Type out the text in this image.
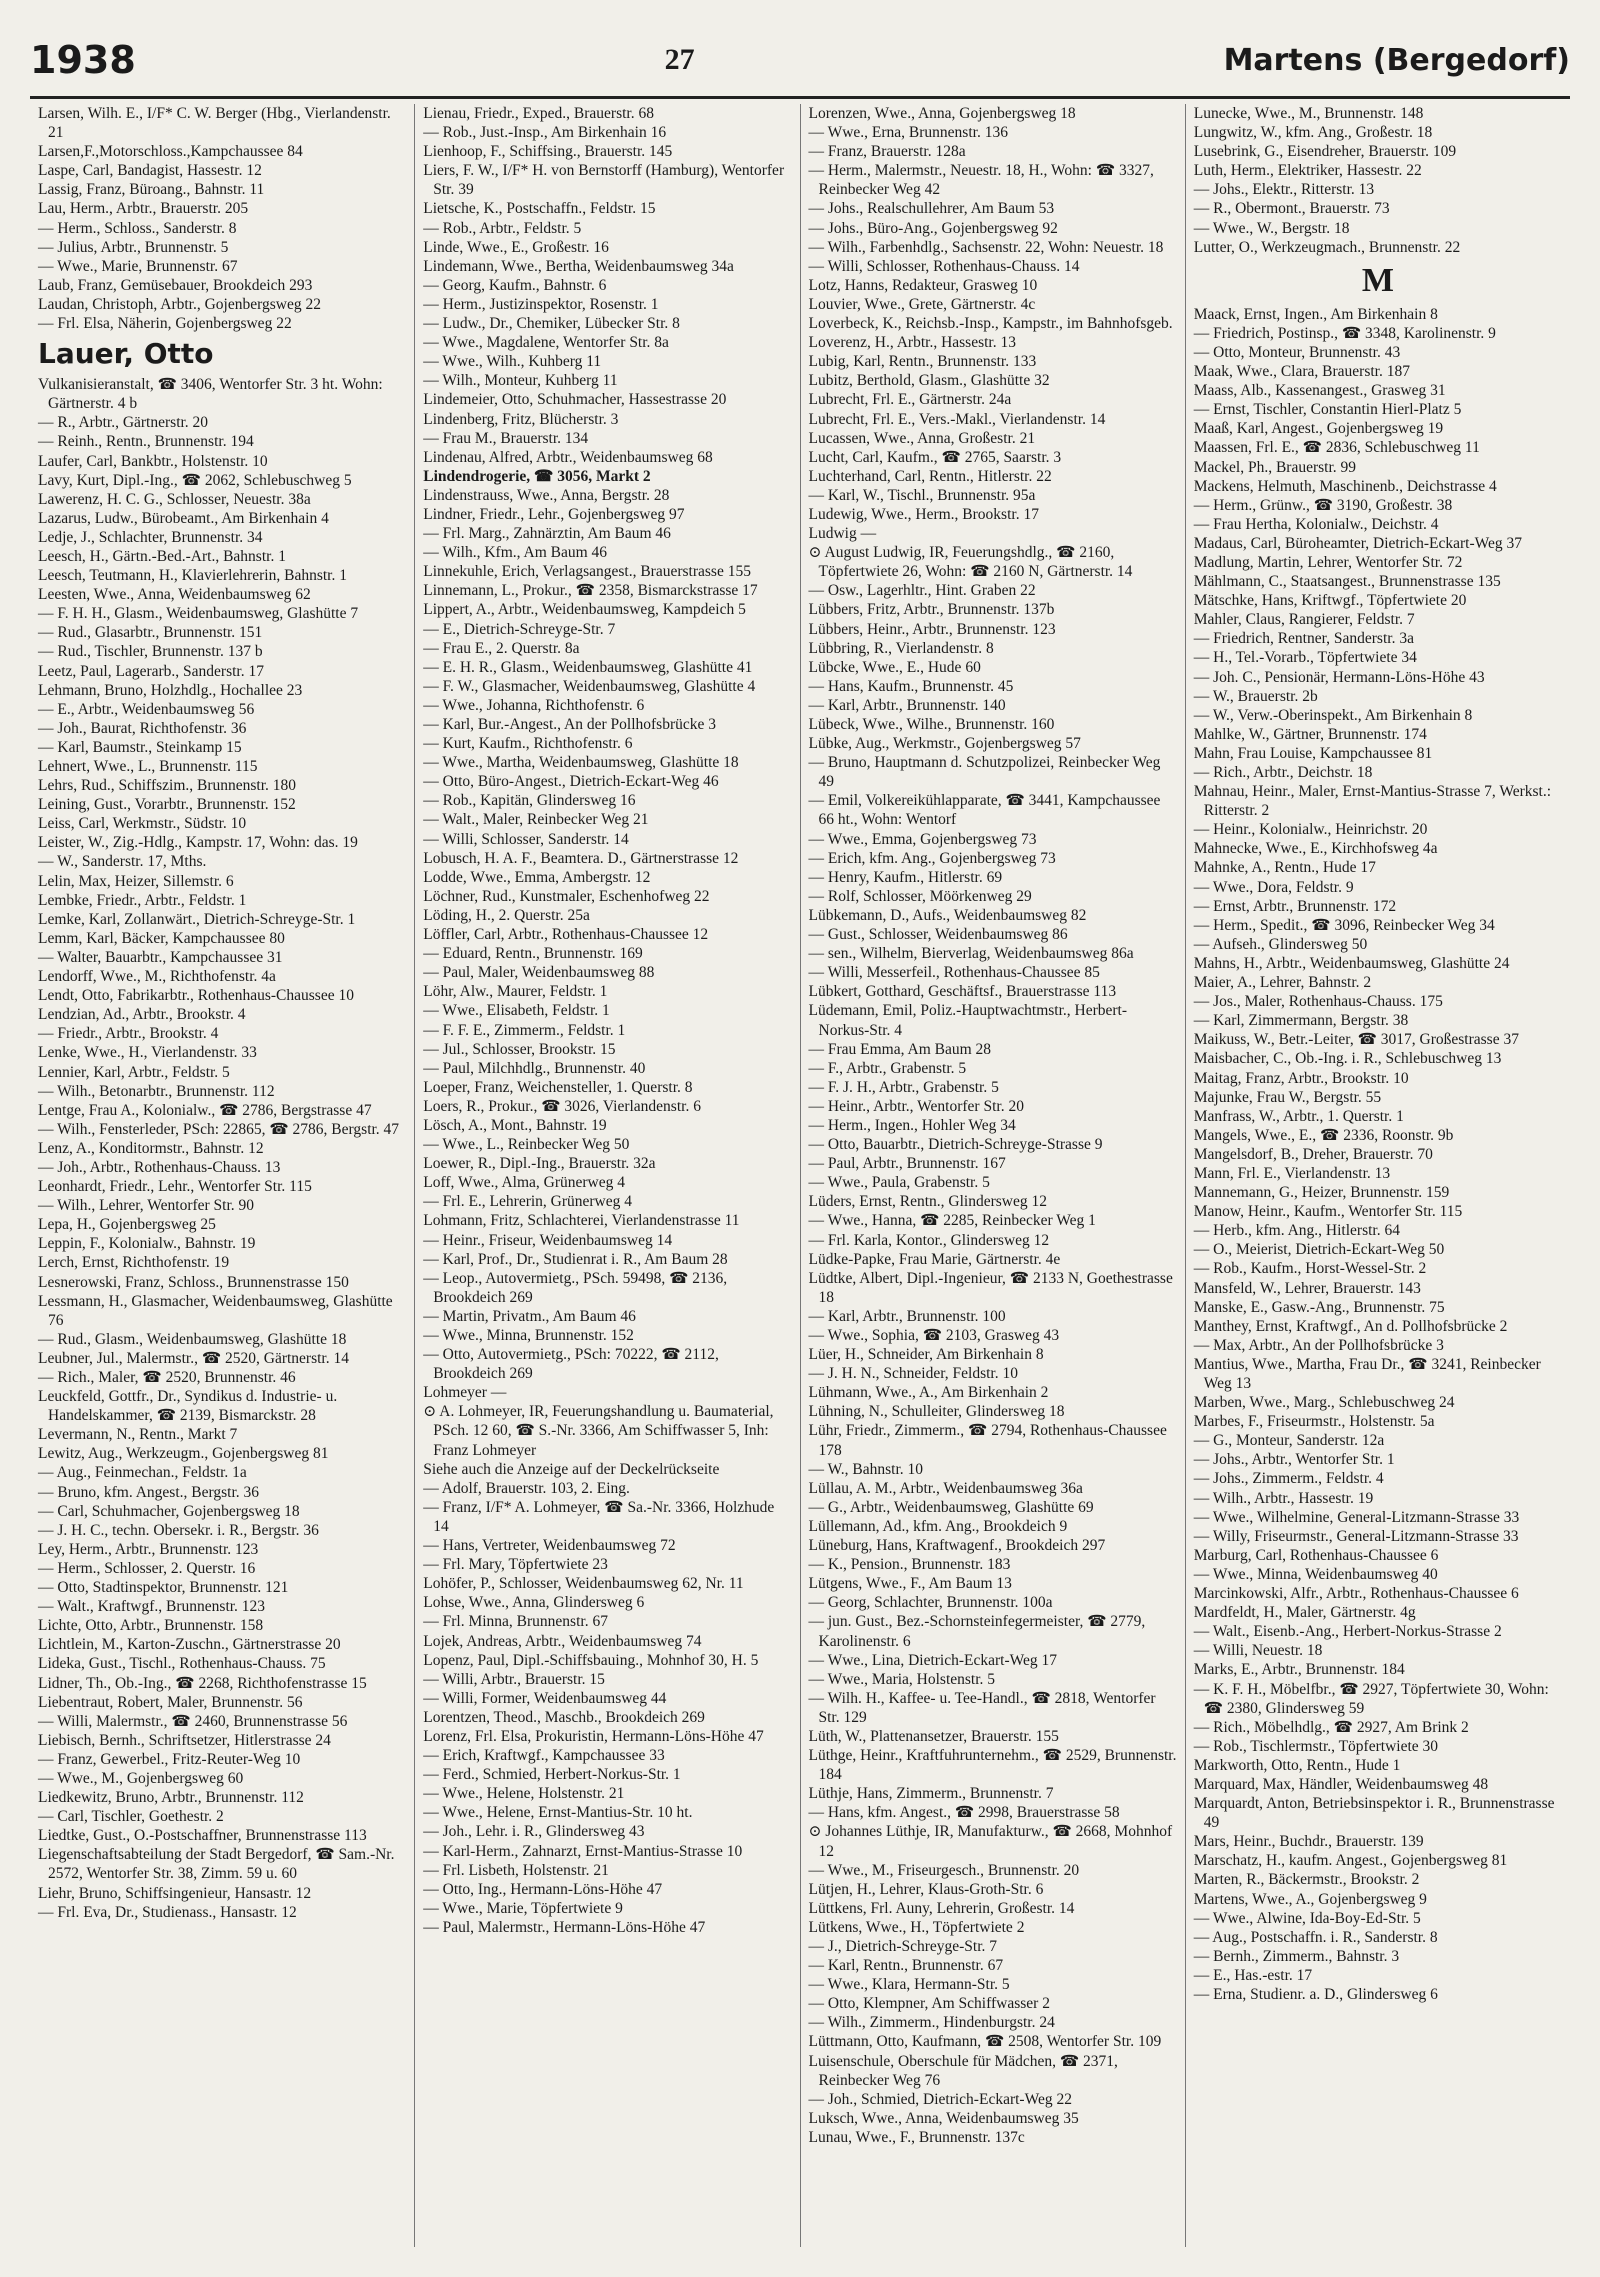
1938	27	Martens (Bergedorf)
Larsen, Wilh. E., I/F* C. W. Berger (Hbg., Vierlandenstr. 21
Larsen,F.,Motorschloss.,Kampchaussee 84
Laspe, Carl, Bandagist, Hassestr. 12
Lassig, Franz, Büroang., Bahnstr. 11
Lau, Herm., Arbtr., Brauerstr. 205
— Herm., Schloss., Sanderstr. 8
— Julius, Arbtr., Brunnenstr. 5
— Wwe., Marie, Brunnenstr. 67
Laub, Franz, Gemüsebauer, Brookdeich 293
Laudan, Christoph, Arbtr., Gojenbergsweg 22
— Frl. Elsa, Näherin, Gojenbergsweg 22
Lauer, Otto
Vulkanisieranstalt, ☎ 3406, Wentorfer Str. 3 ht. Wohn: Gärtnerstr. 4 b
— R., Arbtr., Gärtnerstr. 20
— Reinh., Rentn., Brunnenstr. 194
Laufer, Carl, Bankbtr., Holstenstr. 10
Lavy, Kurt, Dipl.-Ing., ☎ 2062, Schlebuschweg 5
Lawerenz, H. C. G., Schlosser, Neuestr. 38a
Lazarus, Ludw., Bürobeamt., Am Birkenhain 4
Ledje, J., Schlachter, Brunnenstr. 34
Leesch, H., Gärtn.-Bed.-Art., Bahnstr. 1
Leesch, Teutmann, H., Klavierlehrerin, Bahnstr. 1
Leesten, Wwe., Anna, Weidenbaumsweg 62
— F. H. H., Glasm., Weidenbaumsweg, Glashütte 7
— Rud., Glasarbtr., Brunnenstr. 151
— Rud., Tischler, Brunnenstr. 137 b
Leetz, Paul, Lagerarb., Sanderstr. 17
Lehmann, Bruno, Holzhdlg., Hochallee 23
— E., Arbtr., Weidenbaumsweg 56
— Joh., Baurat, Richthofenstr. 36
— Karl, Baumstr., Steinkamp 15
Lehnert, Wwe., L., Brunnenstr. 115
Lehrs, Rud., Schiffszim., Brunnenstr. 180
Leining, Gust., Vorarbtr., Brunnenstr. 152
Leiss, Carl, Werkmstr., Südstr. 10
Leister, W., Zig.-Hdlg., Kampstr. 17, Wohn: das. 19
— W., Sanderstr. 17, Mths.
Lelin, Max, Heizer, Sillemstr. 6
Lembke, Friedr., Arbtr., Feldstr. 1
Lemke, Karl, Zollanwärt., Dietrich-Schreyge-Str. 1
Lemm, Karl, Bäcker, Kampchaussee 80
— Walter, Bauarbtr., Kampchaussee 31
Lendorff, Wwe., M., Richthofenstr. 4a
Lendt, Otto, Fabrikarbtr., Rothenhaus-Chaussee 10
Lendzian, Ad., Arbtr., Brookstr. 4
— Friedr., Arbtr., Brookstr. 4
Lenke, Wwe., H., Vierlandenstr. 33
Lennier, Karl, Arbtr., Feldstr. 5
— Wilh., Betonarbtr., Brunnenstr. 112
Lentge, Frau A., Kolonialw., ☎ 2786, Bergstrasse 47
— Wilh., Fensterleder, PSch: 22865, ☎ 2786, Bergstr. 47
Lenz, A., Konditormstr., Bahnstr. 12
— Joh., Arbtr., Rothenhaus-Chauss. 13
Leonhardt, Friedr., Lehr., Wentorfer Str. 115
— Wilh., Lehrer, Wentorfer Str. 90
Lepa, H., Gojenbergsweg 25
Leppin, F., Kolonialw., Bahnstr. 19
Lerch, Ernst, Richthofenstr. 19
Lesnerowski, Franz, Schloss., Brunnenstrasse 150
Lessmann, H., Glasmacher, Weidenbaumsweg, Glashütte 76
— Rud., Glasm., Weidenbaumsweg, Glashütte 18
Leubner, Jul., Malermstr., ☎ 2520, Gärtnerstr. 14
— Rich., Maler, ☎ 2520, Brunnenstr. 46
Leuckfeld, Gottfr., Dr., Syndikus d. Industrie- u. Handelskammer, ☎ 2139, Bismarckstr. 28
Levermann, N., Rentn., Markt 7
Lewitz, Aug., Werkzeugm., Gojenbergsweg 81
— Aug., Feinmechan., Feldstr. 1a
— Bruno, kfm. Angest., Bergstr. 36
— Carl, Schuhmacher, Gojenbergsweg 18
— J. H. C., techn. Obersekr. i. R., Bergstr. 36
Ley, Herm., Arbtr., Brunnenstr. 123
— Herm., Schlosser, 2. Querstr. 16
— Otto, Stadtinspektor, Brunnenstr. 121
— Walt., Kraftwgf., Brunnenstr. 123
Lichte, Otto, Arbtr., Brunnenstr. 158
Lichtlein, M., Karton-Zuschn., Gärtnerstrasse 20
Lideka, Gust., Tischl., Rothenhaus-Chauss. 75
Lidner, Th., Ob.-Ing., ☎ 2268, Richthofenstrasse 15
Liebentraut, Robert, Maler, Brunnenstr. 56
— Willi, Malermstr., ☎ 2460, Brunnenstrasse 56
Liebisch, Bernh., Schriftsetzer, Hitlerstrasse 24
— Franz, Gewerbel., Fritz-Reuter-Weg 10
— Wwe., M., Gojenbergsweg 60
Liedkewitz, Bruno, Arbtr., Brunnenstr. 112
— Carl, Tischler, Goethestr. 2
Liedtke, Gust., O.-Postschaffner, Brunnenstrasse 113
Liegenschaftsabteilung der Stadt Bergedorf, ☎ Sam.-Nr. 2572, Wentorfer Str. 38, Zimm. 59 u. 60
Liehr, Bruno, Schiffsingenieur, Hansastr. 12
— Frl. Eva, Dr., Studienass., Hansastr. 12
Lienau, Friedr., Exped., Brauerstr. 68
— Rob., Just.-Insp., Am Birkenhain 16
Lienhoop, F., Schiffsing., Brauerstr. 145
Liers, F. W., I/F* H. von Bernstorff (Hamburg), Wentorfer Str. 39
Lietsche, K., Postschaffn., Feldstr. 15
— Rob., Arbtr., Feldstr. 5
Linde, Wwe., E., Großestr. 16
Lindemann, Wwe., Bertha, Weidenbaumsweg 34a
— Georg, Kaufm., Bahnstr. 6
— Herm., Justizinspektor, Rosenstr. 1
— Ludw., Dr., Chemiker, Lübecker Str. 8
— Wwe., Magdalene, Wentorfer Str. 8a
— Wwe., Wilh., Kuhberg 11
— Wilh., Monteur, Kuhberg 11
Lindemeier, Otto, Schuhmacher, Hassestrasse 20
Lindenberg, Fritz, Blücherstr. 3
— Frau M., Brauerstr. 134
Lindenau, Alfred, Arbtr., Weidenbaumsweg 68
Lindendrogerie, ☎ 3056, Markt 2
Lindenstrauss, Wwe., Anna, Bergstr. 28
Lindner, Friedr., Lehr., Gojenbergsweg 97
— Frl. Marg., Zahnärztin, Am Baum 46
— Wilh., Kfm., Am Baum 46
Linnekuhle, Erich, Verlagsangest., Brauerstrasse 155
Linnemann, L., Prokur., ☎ 2358, Bismarckstrasse 17
Lippert, A., Arbtr., Weidenbaumsweg, Kampdeich 5
— E., Dietrich-Schreyge-Str. 7
— Frau E., 2. Querstr. 8a
— E. H. R., Glasm., Weidenbaumsweg, Glashütte 41
— F. W., Glasmacher, Weidenbaumsweg, Glashütte 4
— Wwe., Johanna, Richthofenstr. 6
— Karl, Bur.-Angest., An der Pollhofsbrücke 3
— Kurt, Kaufm., Richthofenstr. 6
— Wwe., Martha, Weidenbaumsweg, Glashütte 18
— Otto, Büro-Angest., Dietrich-Eckart-Weg 46
— Rob., Kapitän, Glindersweg 16
— Walt., Maler, Reinbecker Weg 21
— Willi, Schlosser, Sanderstr. 14
Lobusch, H. A. F., Beamtera. D., Gärtnerstrasse 12
Lodde, Wwe., Emma, Ambergstr. 12
Löchner, Rud., Kunstmaler, Eschenhofweg 22
Löding, H., 2. Querstr. 25a
Löffler, Carl, Arbtr., Rothenhaus-Chaussee 12
— Eduard, Rentn., Brunnenstr. 169
— Paul, Maler, Weidenbaumsweg 88
Löhr, Alw., Maurer, Feldstr. 1
— Wwe., Elisabeth, Feldstr. 1
— F. F. E., Zimmerm., Feldstr. 1
— Jul., Schlosser, Brookstr. 15
— Paul, Milchhdlg., Brunnenstr. 40
Loeper, Franz, Weichensteller, 1. Querstr. 8
Loers, R., Prokur., ☎ 3026, Vierlandenstr. 6
Lösch, A., Mont., Bahnstr. 19
— Wwe., L., Reinbecker Weg 50
Loewer, R., Dipl.-Ing., Brauerstr. 32a
Loff, Wwe., Alma, Grünerweg 4
— Frl. E., Lehrerin, Grünerweg 4
Lohmann, Fritz, Schlachterei, Vierlandenstrasse 11
— Heinr., Friseur, Weidenbaumsweg 14
— Karl, Prof., Dr., Studienrat i. R., Am Baum 28
— Leop., Autovermietg., PSch. 59498, ☎ 2136, Brookdeich 269
— Martin, Privatm., Am Baum 46
— Wwe., Minna, Brunnenstr. 152
— Otto, Autovermietg., PSch: 70222, ☎ 2112, Brookdeich 269
Lohmeyer —
⊙ A. Lohmeyer, IR, Feuerungshandlung u. Baumaterial, PSch. 12 60, ☎ S.-Nr. 3366, Am Schiffwasser 5, Inh: Franz Lohmeyer
Siehe auch die Anzeige auf der Deckelrückseite
— Adolf, Brauerstr. 103, 2. Eing.
— Franz, I/F* A. Lohmeyer, ☎ Sa.-Nr. 3366, Holzhude 14
— Hans, Vertreter, Weidenbaumsweg 72
— Frl. Mary, Töpfertwiete 23
Lohöfer, P., Schlosser, Weidenbaumsweg 62, Nr. 11
Lohse, Wwe., Anna, Glindersweg 6
— Frl. Minna, Brunnenstr. 67
Lojek, Andreas, Arbtr., Weidenbaumsweg 74
Lopenz, Paul, Dipl.-Schiffsbauing., Mohnhof 30, H. 5
— Willi, Arbtr., Brauerstr. 15
— Willi, Former, Weidenbaumsweg 44
Lorentzen, Theod., Maschb., Brookdeich 269
Lorenz, Frl. Elsa, Prokuristin, Hermann-Löns-Höhe 47
— Erich, Kraftwgf., Kampchaussee 33
— Ferd., Schmied, Herbert-Norkus-Str. 1
— Wwe., Helene, Holstenstr. 21
— Wwe., Helene, Ernst-Mantius-Str. 10 ht.
— Joh., Lehr. i. R., Glindersweg 43
— Karl-Herm., Zahnarzt, Ernst-Mantius-Strasse 10
— Frl. Lisbeth, Holstenstr. 21
— Otto, Ing., Hermann-Löns-Höhe 47
— Wwe., Marie, Töpfertwiete 9
— Paul, Malermstr., Hermann-Löns-Höhe 47
Lorenzen, Wwe., Anna, Gojenbergsweg 18
— Wwe., Erna, Brunnenstr. 136
— Franz, Brauerstr. 128a
— Herm., Malermstr., Neuestr. 18, H., Wohn: ☎ 3327, Reinbecker Weg 42
— Johs., Realschullehrer, Am Baum 53
— Johs., Büro-Ang., Gojenbergsweg 92
— Wilh., Farbenhdlg., Sachsenstr. 22, Wohn: Neuestr. 18
— Willi, Schlosser, Rothenhaus-Chauss. 14
Lotz, Hanns, Redakteur, Grasweg 10
Louvier, Wwe., Grete, Gärtnerstr. 4c
Loverbeck, K., Reichsb.-Insp., Kampstr., im Bahnhofsgeb.
Loverenz, H., Arbtr., Hassestr. 13
Lubig, Karl, Rentn., Brunnenstr. 133
Lubitz, Berthold, Glasm., Glashütte 32
Lubrecht, Frl. E., Gärtnerstr. 24a
Lubrecht, Frl. E., Vers.-Makl., Vierlandenstr. 14
Lucassen, Wwe., Anna, Großestr. 21
Lucht, Carl, Kaufm., ☎ 2765, Saarstr. 3
Luchterhand, Carl, Rentn., Hitlerstr. 22
— Karl, W., Tischl., Brunnenstr. 95a
Ludewig, Wwe., Herm., Brookstr. 17
Ludwig —
⊙ August Ludwig, IR, Feuerungshdlg., ☎ 2160, Töpfertwiete 26, Wohn: ☎ 2160 N, Gärtnerstr. 14
— Osw., Lagerhltr., Hint. Graben 22
Lübbers, Fritz, Arbtr., Brunnenstr. 137b
Lübbers, Heinr., Arbtr., Brunnenstr. 123
Lübbring, R., Vierlandenstr. 8
Lübcke, Wwe., E., Hude 60
— Hans, Kaufm., Brunnenstr. 45
— Karl, Arbtr., Brunnenstr. 140
Lübeck, Wwe., Wilhe., Brunnenstr. 160
Lübke, Aug., Werkmstr., Gojenbergsweg 57
— Bruno, Hauptmann d. Schutzpolizei, Reinbecker Weg 49
— Emil, Volkereikühlapparate, ☎ 3441, Kampchaussee 66 ht., Wohn: Wentorf
— Wwe., Emma, Gojenbergsweg 73
— Erich, kfm. Ang., Gojenbergsweg 73
— Henry, Kaufm., Hitlerstr. 69
— Rolf, Schlosser, Möörkenweg 29
Lübkemann, D., Aufs., Weidenbaumsweg 82
— Gust., Schlosser, Weidenbaumsweg 86
— sen., Wilhelm, Bierverlag, Weidenbaumsweg 86a
— Willi, Messerfeil., Rothenhaus-Chaussee 85
Lübkert, Gotthard, Geschäftsf., Brauerstrasse 113
Lüdemann, Emil, Poliz.-Hauptwachtmstr., Herbert-Norkus-Str. 4
— Frau Emma, Am Baum 28
— F., Arbtr., Grabenstr. 5
— F. J. H., Arbtr., Grabenstr. 5
— Heinr., Arbtr., Wentorfer Str. 20
— Herm., Ingen., Hohler Weg 34
— Otto, Bauarbtr., Dietrich-Schreyge-Strasse 9
— Paul, Arbtr., Brunnenstr. 167
— Wwe., Paula, Grabenstr. 5
Lüders, Ernst, Rentn., Glindersweg 12
— Wwe., Hanna, ☎ 2285, Reinbecker Weg 1
— Frl. Karla, Kontor., Glindersweg 12
Lüdke-Papke, Frau Marie, Gärtnerstr. 4e
Lüdtke, Albert, Dipl.-Ingenieur, ☎ 2133 N, Goethestrasse 18
— Karl, Arbtr., Brunnenstr. 100
— Wwe., Sophia, ☎ 2103, Grasweg 43
Lüer, H., Schneider, Am Birkenhain 8
— J. H. N., Schneider, Feldstr. 10
Lühmann, Wwe., A., Am Birkenhain 2
Lühning, N., Schulleiter, Glindersweg 18
Lühr, Friedr., Zimmerm., ☎ 2794, Rothenhaus-Chaussee 178
— W., Bahnstr. 10
Lüllau, A. M., Arbtr., Weidenbaumsweg 36a
— G., Arbtr., Weidenbaumsweg, Glashütte 69
Lüllemann, Ad., kfm. Ang., Brookdeich 9
Lüneburg, Hans, Kraftwagenf., Brookdeich 297
— K., Pension., Brunnenstr. 183
Lütgens, Wwe., F., Am Baum 13
— Georg, Schlachter, Brunnenstr. 100a
— jun. Gust., Bez.-Schornsteinfegermeister, ☎ 2779, Karolinenstr. 6
— Wwe., Lina, Dietrich-Eckart-Weg 17
— Wwe., Maria, Holstenstr. 5
— Wilh. H., Kaffee- u. Tee-Handl., ☎ 2818, Wentorfer Str. 129
Lüth, W., Plattenansetzer, Brauerstr. 155
Lüthge, Heinr., Kraftfuhrunternehm., ☎ 2529, Brunnenstr. 184
Lüthje, Hans, Zimmerm., Brunnenstr. 7
— Hans, kfm. Angest., ☎ 2998, Brauerstrasse 58
⊙ Johannes Lüthje, IR, Manufakturw., ☎ 2668, Mohnhof 12
— Wwe., M., Friseurgesch., Brunnenstr. 20
Lütjen, H., Lehrer, Klaus-Groth-Str. 6
Lüttkens, Frl. Auny, Lehrerin, Großestr. 14
Lütkens, Wwe., H., Töpfertwiete 2
— J., Dietrich-Schreyge-Str. 7
— Karl, Rentn., Brunnenstr. 67
— Wwe., Klara, Hermann-Str. 5
— Otto, Klempner, Am Schiffwasser 2
— Wilh., Zimmerm., Hindenburgstr. 24
Lüttmann, Otto, Kaufmann, ☎ 2508, Wentorfer Str. 109
Luisenschule, Oberschule für Mädchen, ☎ 2371, Reinbecker Weg 76
— Joh., Schmied, Dietrich-Eckart-Weg 22
Luksch, Wwe., Anna, Weidenbaumsweg 35
Lunau, Wwe., F., Brunnenstr. 137c
Lunecke, Wwe., M., Brunnenstr. 148
Lungwitz, W., kfm. Ang., Großestr. 18
Lusebrink, G., Eisendreher, Brauerstr. 109
Luth, Herm., Elektriker, Hassestr. 22
— Johs., Elektr., Ritterstr. 13
— R., Obermont., Brauerstr. 73
— Wwe., W., Bergstr. 18
Lutter, O., Werkzeugmach., Brunnenstr. 22
M
Maack, Ernst, Ingen., Am Birkenhain 8
— Friedrich, Postinsp., ☎ 3348, Karolinenstr. 9
— Otto, Monteur, Brunnenstr. 43
Maak, Wwe., Clara, Brauerstr. 187
Maass, Alb., Kassenangest., Grasweg 31
— Ernst, Tischler, Constantin Hierl-Platz 5
Maaß, Karl, Angest., Gojenbergsweg 19
Maassen, Frl. E., ☎ 2836, Schlebuschweg 11
Mackel, Ph., Brauerstr. 99
Mackens, Helmuth, Maschinenb., Deichstrasse 4
— Herm., Grünw., ☎ 3190, Großestr. 38
— Frau Hertha, Kolonialw., Deichstr. 4
Madaus, Carl, Büroheamter, Dietrich-Eckart-Weg 37
Madlung, Martin, Lehrer, Wentorfer Str. 72
Mählmann, C., Staatsangest., Brunnenstrasse 135
Mätschke, Hans, Kriftwgf., Töpfertwiete 20
Mahler, Claus, Rangierer, Feldstr. 7
— Friedrich, Rentner, Sanderstr. 3a
— H., Tel.-Vorarb., Töpfertwiete 34
— Joh. C., Pensionär, Hermann-Löns-Höhe 43
— W., Brauerstr. 2b
— W., Verw.-Oberinspekt., Am Birkenhain 8
Mahlke, W., Gärtner, Brunnenstr. 174
Mahn, Frau Louise, Kampchaussee 81
— Rich., Arbtr., Deichstr. 18
Mahnau, Heinr., Maler, Ernst-Mantius-Strasse 7, Werkst.: Ritterstr. 2
— Heinr., Kolonialw., Heinrichstr. 20
Mahnecke, Wwe., E., Kirchhofsweg 4a
Mahnke, A., Rentn., Hude 17
— Wwe., Dora, Feldstr. 9
— Ernst, Arbtr., Brunnenstr. 172
— Herm., Spedit., ☎ 3096, Reinbecker Weg 34
— Aufseh., Glindersweg 50
Mahns, H., Arbtr., Weidenbaumsweg, Glashütte 24
Maier, A., Lehrer, Bahnstr. 2
— Jos., Maler, Rothenhaus-Chauss. 175
— Karl, Zimmermann, Bergstr. 38
Maikuss, W., Betr.-Leiter, ☎ 3017, Großestrasse 37
Maisbacher, C., Ob.-Ing. i. R., Schlebuschweg 13
Maitag, Franz, Arbtr., Brookstr. 10
Majunke, Frau W., Bergstr. 55
Manfrass, W., Arbtr., 1. Querstr. 1
Mangels, Wwe., E., ☎ 2336, Roonstr. 9b
Mangelsdorf, B., Dreher, Brauerstr. 70
Mann, Frl. E., Vierlandenstr. 13
Mannemann, G., Heizer, Brunnenstr. 159
Manow, Heinr., Kaufm., Wentorfer Str. 115
— Herb., kfm. Ang., Hitlerstr. 64
— O., Meierist, Dietrich-Eckart-Weg 50
— Rob., Kaufm., Horst-Wessel-Str. 2
Mansfeld, W., Lehrer, Brauerstr. 143
Manske, E., Gasw.-Ang., Brunnenstr. 75
Manthey, Ernst, Kraftwgf., An d. Pollhofsbrücke 2
— Max, Arbtr., An der Pollhofsbrücke 3
Mantius, Wwe., Martha, Frau Dr., ☎ 3241, Reinbecker Weg 13
Marben, Wwe., Marg., Schlebuschweg 24
Marbes, F., Friseurmstr., Holstenstr. 5a
— G., Monteur, Sanderstr. 12a
— Johs., Arbtr., Wentorfer Str. 1
— Johs., Zimmerm., Feldstr. 4
— Wilh., Arbtr., Hassestr. 19
— Wwe., Wilhelmine, General-Litzmann-Strasse 33
— Willy, Friseurmstr., General-Litzmann-Strasse 33
Marburg, Carl, Rothenhaus-Chaussee 6
— Wwe., Minna, Weidenbaumsweg 40
Marcinkowski, Alfr., Arbtr., Rothenhaus-Chaussee 6
Mardfeldt, H., Maler, Gärtnerstr. 4g
— Walt., Eisenb.-Ang., Herbert-Norkus-Strasse 2
— Willi, Neuestr. 18
Marks, E., Arbtr., Brunnenstr. 184
— K. F. H., Möbelfbr., ☎ 2927, Töpfertwiete 30, Wohn: ☎ 2380, Glindersweg 59
— Rich., Möbelhdlg., ☎ 2927, Am Brink 2
— Rob., Tischlermstr., Töpfertwiete 30
Markworth, Otto, Rentn., Hude 1
Marquard, Max, Händler, Weidenbaumsweg 48
Marquardt, Anton, Betriebsinspektor i. R., Brunnenstrasse 49
Mars, Heinr., Buchdr., Brauerstr. 139
Marschatz, H., kaufm. Angest., Gojenbergsweg 81
Marten, R., Bäckermstr., Brookstr. 2
Martens, Wwe., A., Gojenbergsweg 9
— Wwe., Alwine, Ida-Boy-Ed-Str. 5
— Aug., Postschaffn. i. R., Sanderstr. 8
— Bernh., Zimmerm., Bahnstr. 3
— E., Has.-estr. 17
— Erna, Studienr. a. D., Glindersweg 6
